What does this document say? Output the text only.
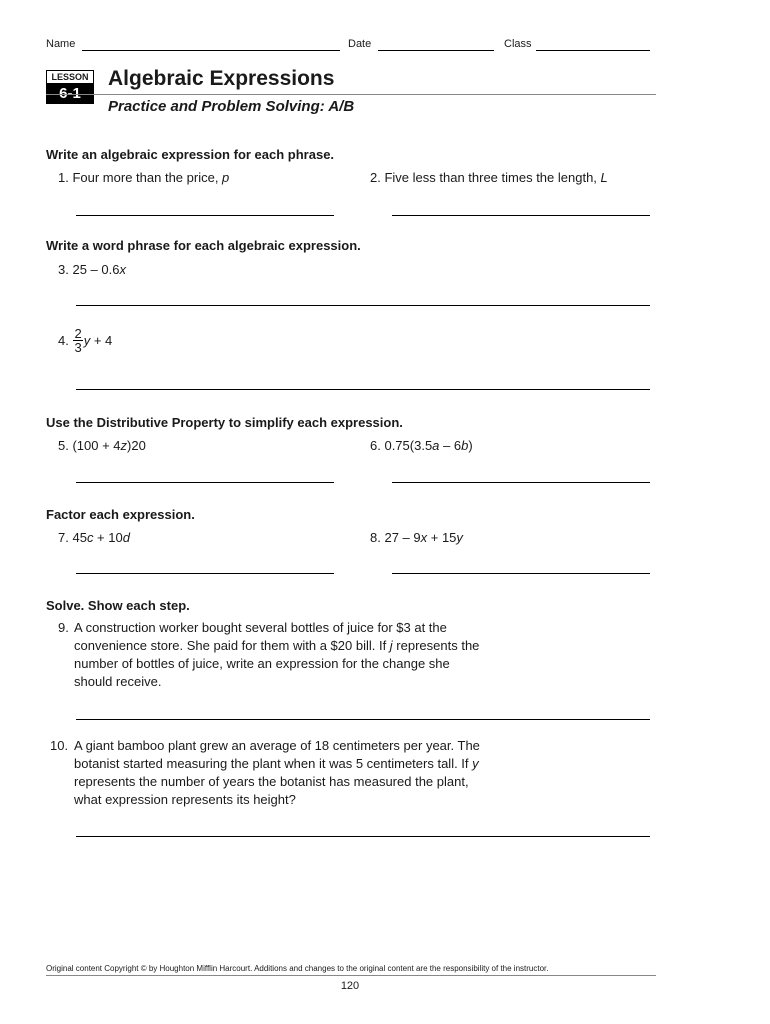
Name	Date	Class
LESSON
6-1
Algebraic Expressions
Practice and Problem Solving: A/B
Write an algebraic expression for each phrase.
1. Four more than the price, p	2. Five less than three times the length, L
Write a word phrase for each algebraic expression.
3. 25 – 0.6x
4. $\frac{2}{3}$ y + 4
Use the Distributive Property to simplify each expression.
5. (100 + 4z)20	6. 0.75(3.5a – 6b)
Factor each expression.
7. 45c + 10d	8. 27 – 9x + 15y
Solve. Show each step.
9. A construction worker bought several bottles of juice for $3 at the
convenience store. She paid for them with a $20 bill. If j represents the
number of bottles of juice, write an expression for the change she
should receive.
10. A giant bamboo plant grew an average of 18 centimeters per year. The
botanist started measuring the plant when it was 5 centimeters tall. If y
represents the number of years the botanist has measured the plant,
what expression represents its height?
Original content Copyright © by Houghton Mifflin Harcourt. Additions and changes to the original content are the responsibility of the instructor.
120
